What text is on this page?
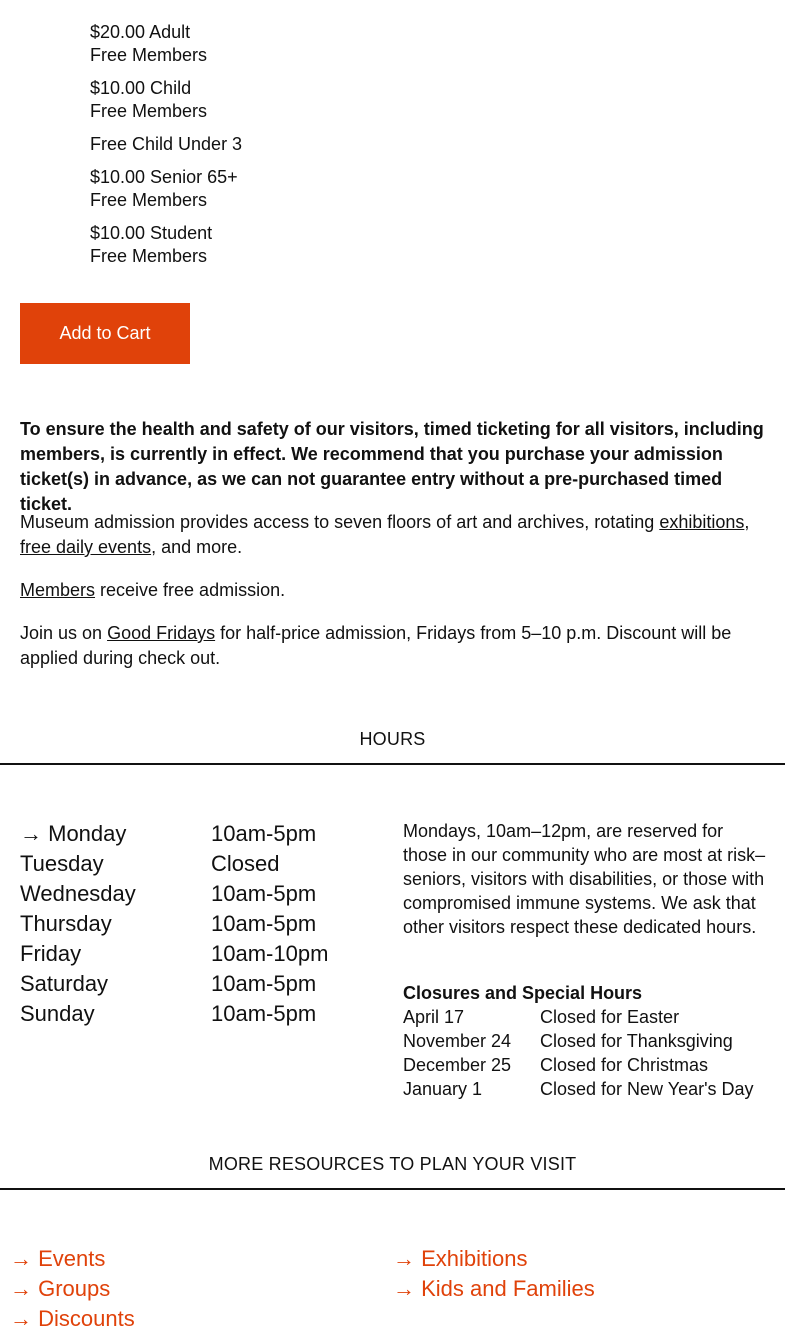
$20.00 Adult
Free Members
$10.00 Child
Free Members
Free Child Under 3
$10.00 Senior 65+
Free Members
$10.00 Student
Free Members
Add to Cart

To ensure the health and safety of our visitors, timed ticketing for all visitors, including members, is currently in effect. We recommend that you purchase your admission ticket(s) in advance, as we can not guarantee entry without a pre-purchased timed ticket.

Museum admission provides access to seven floors of art and archives, rotating exhibitions,
free daily events, and more.

Members receive free admission.

Join us on Good Fridays for half-price admission, Fridays from 5–10 p.m. Discount will be applied during check out.

HOURS
→ Monday	10am-5pm
Tuesday	Closed
Wednesday	10am-5pm
Thursday	10am-5pm
Friday	10am-10pm
Saturday	10am-5pm
Sunday	10am-5pm

Mondays, 10am–12pm, are reserved for those in our community who are most at risk–seniors, visitors with disabilities, or those with compromised immune systems. We ask that other visitors respect these dedicated hours.

Closures and Special Hours
April 17	Closed for Easter
November 24	Closed for Thanksgiving
December 25	Closed for Christmas
January 1	Closed for New Year's Day
MORE RESOURCES TO PLAN YOUR VISIT
→ Events
→ Groups
→ Discounts
→ Exhibitions
→ Kids and Families
